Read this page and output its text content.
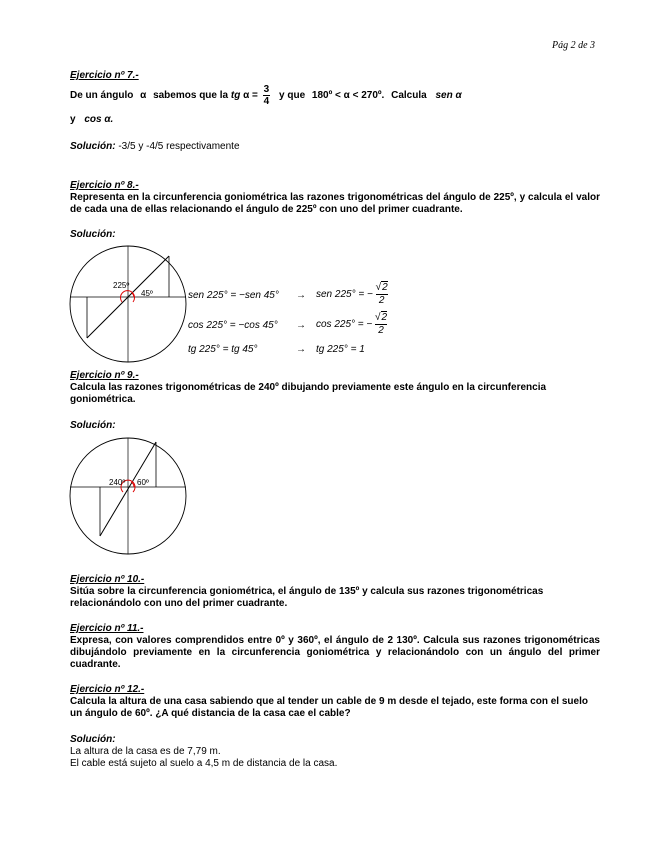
Pág 2 de 3
Ejercicio nº 7.-
De un ángulo α sabemos que la tg $\alpha = \frac{3}{4}$ y que 180º < α < 270º. Calcula sen α
y cos α.
Solución: -3/5 y -4/5 respectivamente
Ejercicio nº 8.-
Representa en la circunferencia goniométrica las razones trigonométricas del ángulo de 225º, y calcula el valor de cada una de ellas relacionando el ángulo de 225º con uno del primer cuadrante.
Solución:
225º
45º	sen 225° = −sen 45° → sen 225° = − $\frac{√2}{2}$
cos 225° = −cos 45° → cos 225° = − $\frac{√2}{2}$
tg 225° = tg 45°	→ tg 225° = 1
Ejercicio nº 9.-
Calcula las razones trigonométricas de 240º dibujando previamente este ángulo en la circunferencia goniométrica.
Solución:
240º 60º
Ejercicio nº 10.-
Sitúa sobre la circunferencia goniométrica, el ángulo de 135º y calcula sus razones trigonométricas relacionándolo con uno del primer cuadrante.
Ejercicio nº 11.-
Expresa, con valores comprendidos entre 0º y 360º, el ángulo de 2 130º. Calcula sus razones trigonométricas dibujándolo previamente en la circunferencia goniométrica y relacionándolo con un ángulo del primer cuadrante.
Ejercicio nº 12.-
Calcula la altura de una casa sabiendo que al tender un cable de 9 m desde el tejado, este forma con el suelo un ángulo de 60º. ¿A qué distancia de la casa cae el cable?
Solución:
La altura de la casa es de 7,79 m.
El cable está sujeto al suelo a 4,5 m de distancia de la casa.
